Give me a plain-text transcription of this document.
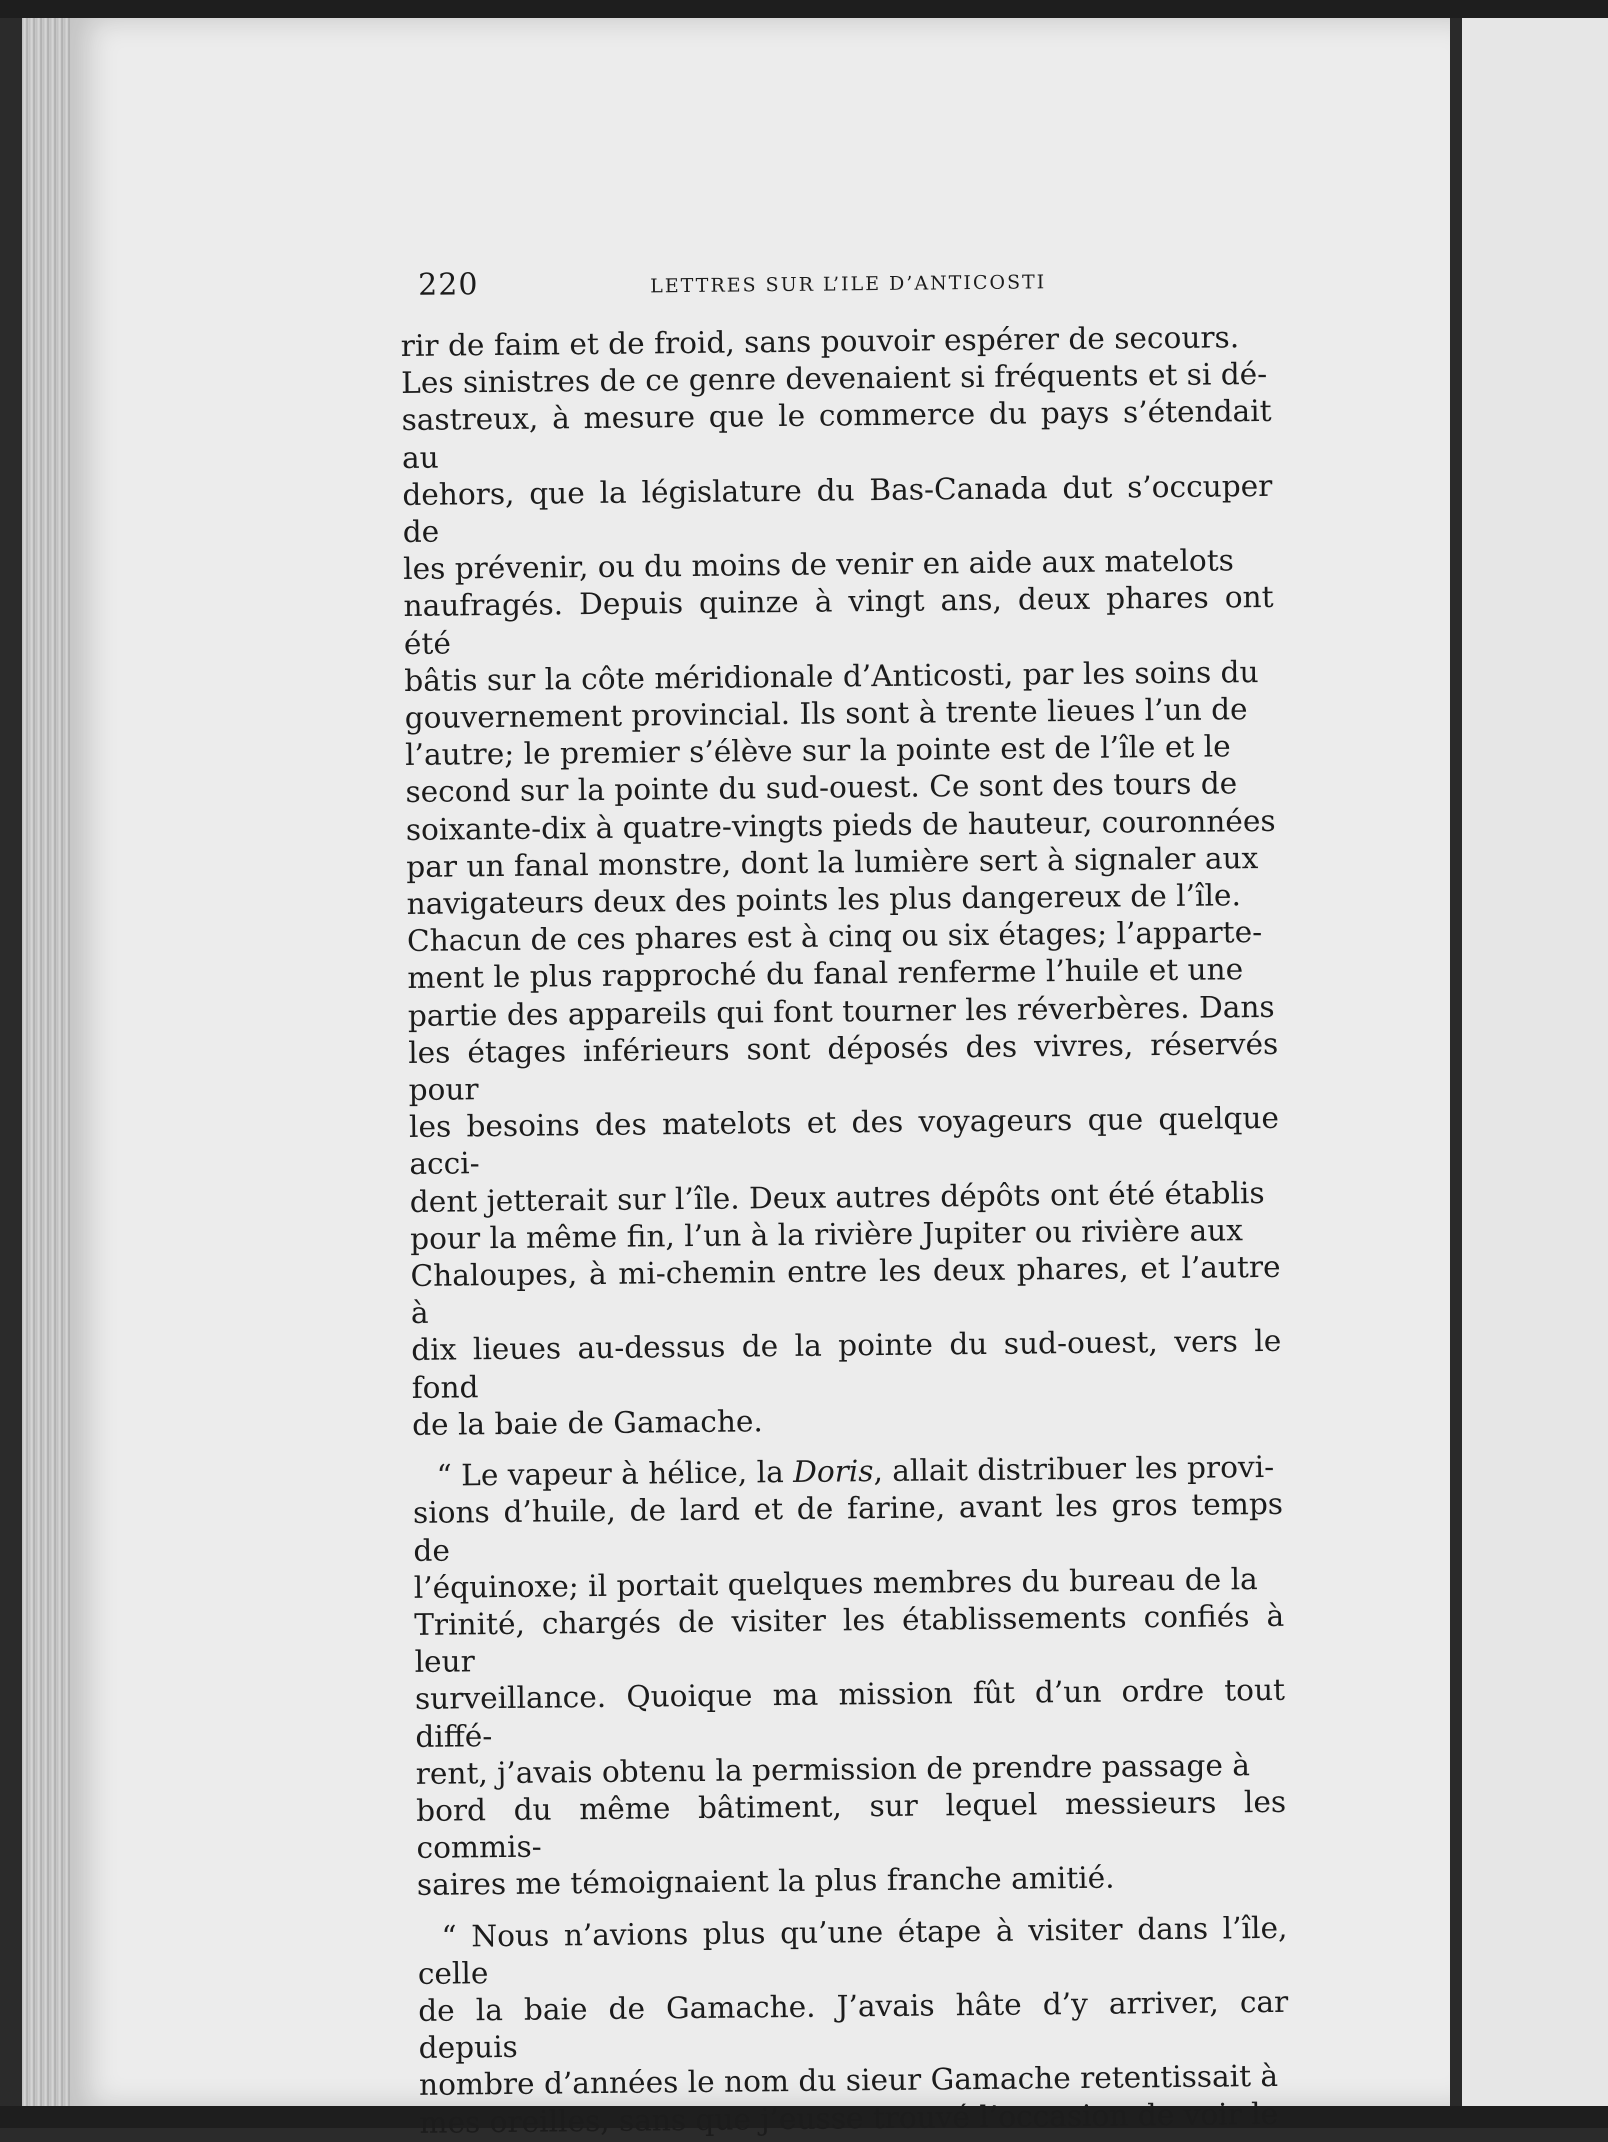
220	LETTRES SUR L’ILE D’ANTICOSTI

rir de faim et de froid, sans pouvoir espérer de secours.
Les sinistres de ce genre devenaient si fréquents et si dé-
sastreux, à mesure que le commerce du pays s’étendait au
dehors, que la législature du Bas-Canada dut s’occuper de
les prévenir, ou du moins de venir en aide aux matelots
naufragés. Depuis quinze à vingt ans, deux phares ont été
bâtis sur la côte méridionale d’Anticosti, par les soins du
gouvernement provincial. Ils sont à trente lieues l’un de
l’autre; le premier s’élève sur la pointe est de l’île et le
second sur la pointe du sud-ouest. Ce sont des tours de
soixante-dix à quatre-vingts pieds de hauteur, couronnées
par un fanal monstre, dont la lumière sert à signaler aux
navigateurs deux des points les plus dangereux de l’île.
Chacun de ces phares est à cinq ou six étages; l’apparte-
ment le plus rapproché du fanal renferme l’huile et une
partie des appareils qui font tourner les réverbères. Dans
les étages inférieurs sont déposés des vivres, réservés pour
les besoins des matelots et des voyageurs que quelque acci-
dent jetterait sur l’île. Deux autres dépôts ont été établis
pour la même fin, l’un à la rivière Jupiter ou rivière aux
Chaloupes, à mi-chemin entre les deux phares, et l’autre à
dix lieues au-dessus de la pointe du sud-ouest, vers le fond
de la baie de Gamache.

“ Le vapeur à hélice, la Doris, allait distribuer les provi-
sions d’huile, de lard et de farine, avant les gros temps de
l’équinoxe; il portait quelques membres du bureau de la
Trinité, chargés de visiter les établissements confiés à leur
surveillance. Quoique ma mission fût d’un ordre tout diffé-
rent, j’avais obtenu la permission de prendre passage à
bord du même bâtiment, sur lequel messieurs les commis-
saires me témoignaient la plus franche amitié.

“ Nous n’avions plus qu’une étape à visiter dans l’île, celle
de la baie de Gamache. J’avais hâte d’y arriver, car depuis
nombre d’années le nom du sieur Gamache retentissait à
mes oreilles, sans que j’eusse trouvé l’occasion de voir le
